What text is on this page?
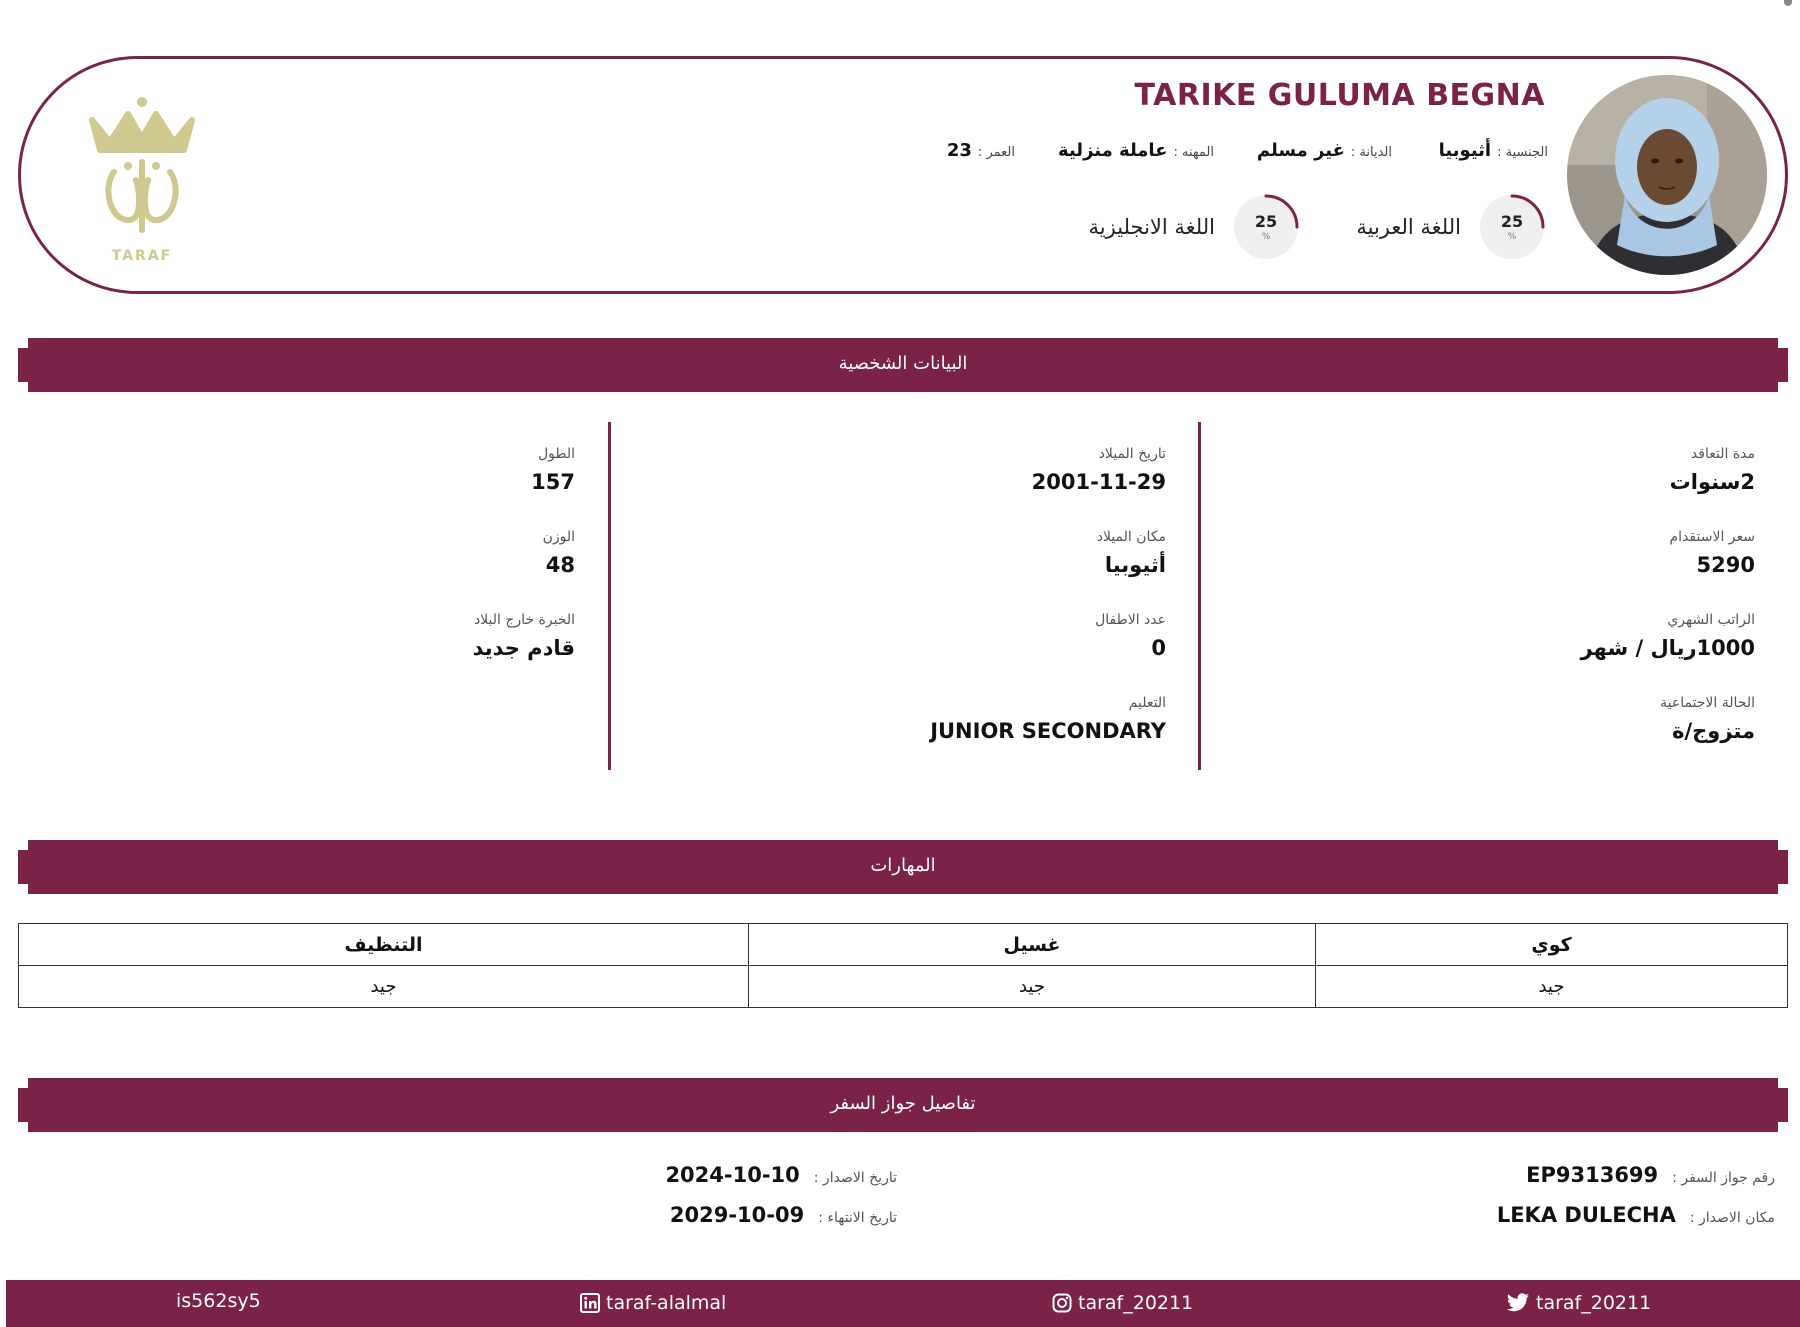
TARAF
TARIKE GULUMA BEGNA
الجنسية :
أثيوبيا
الديانة :
غير مسلم
المهنه :
عاملة منزلية
العمر :
23
25
%
اللغة العربية
25
%
اللغة الانجليزية
البيانات الشخصية
مدة التعاقد
2سنوات
سعر الاستقدام
5290
الراتب الشهري
1000ريال / شهر
الحالة الاجتماعية
متزوج/ة
تاريخ الميلاد
2001-11-29
مكان الميلاد
أثيوبيا
عدد الاطفال
0
التعليم
JUNIOR SECONDARY
الطول
157
الوزن
48
الخبرة خارج البلاد
قادم جديد
المهارات
كوي	غسيل	التنظيف
جيد	جيد	جيد
تفاصيل جواز السفر
رقم جواز السفر :
EP9313699
مكان الاصدار :
LEKA DULECHA
تاريخ الاصدار :
2024-10-10
تاريخ الانتهاء :
2029-10-09
taraf_20211
taraf_20211
taraf-alalmal
is562sy5
